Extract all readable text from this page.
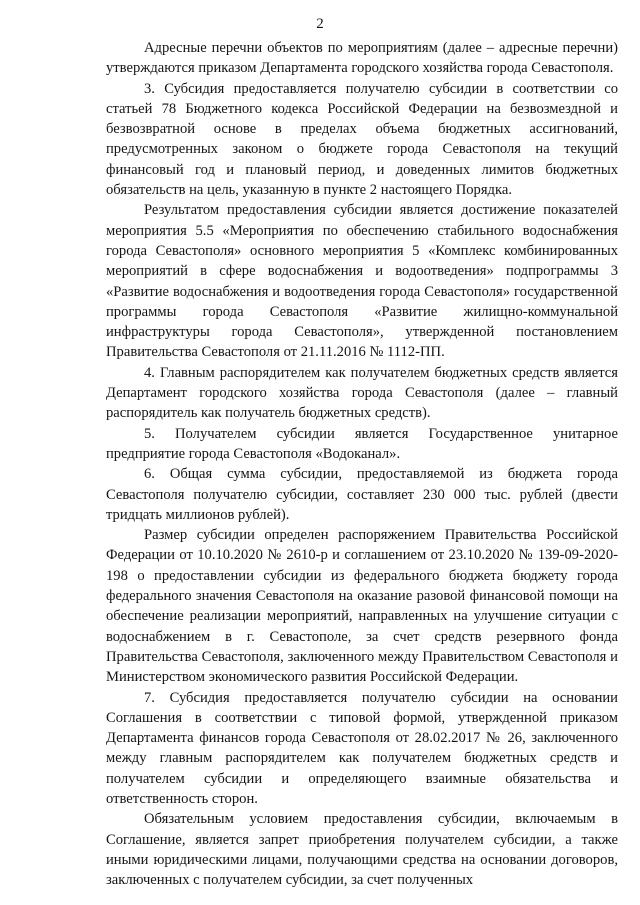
2

Адресные перечни объектов по мероприятиям (далее – адресные перечни) утверждаются приказом Департамента городского хозяйства города Севастополя.

3. Субсидия предоставляется получателю субсидии в соответствии со статьей 78 Бюджетного кодекса Российской Федерации на безвозмездной и безвозвратной основе в пределах объема бюджетных ассигнований, предусмотренных законом о бюджете города Севастополя на текущий финансовый год и плановый период, и доведенных лимитов бюджетных обязательств на цель, указанную в пункте 2 настоящего Порядка.

Результатом предоставления субсидии является достижение показателей мероприятия 5.5 «Мероприятия по обеспечению стабильного водоснабжения города Севастополя» основного мероприятия 5 «Комплекс комбинированных мероприятий в сфере водоснабжения и водоотведения» подпрограммы 3 «Развитие водоснабжения и водоотведения города Севастополя» государственной программы города Севастополя «Развитие жилищно-коммунальной инфраструктуры города Севастополя», утвержденной постановлением Правительства Севастополя от 21.11.2016 № 1112-ПП.

4. Главным распорядителем как получателем бюджетных средств является Департамент городского хозяйства города Севастополя (далее – главный распорядитель как получатель бюджетных средств).

5. Получателем субсидии является Государственное унитарное предприятие города Севастополя «Водоканал».

6. Общая сумма субсидии, предоставляемой из бюджета города Севастополя получателю субсидии, составляет 230 000 тыс. рублей (двести тридцать миллионов рублей).

Размер субсидии определен распоряжением Правительства Российской Федерации от 10.10.2020 № 2610-р и соглашением от 23.10.2020 № 139-09-2020-198 о предоставлении субсидии из федерального бюджета бюджету города федерального значения Севастополя на оказание разовой финансовой помощи на обеспечение реализации мероприятий, направленных на улучшение ситуации с водоснабжением в г. Севастополе, за счет средств резервного фонда Правительства Севастополя, заключенного между Правительством Севастополя и Министерством экономического развития Российской Федерации.

7. Субсидия предоставляется получателю субсидии на основании Соглашения в соответствии с типовой формой, утвержденной приказом Департамента финансов города Севастополя от 28.02.2017 № 26, заключенного между главным распорядителем как получателем бюджетных средств и получателем субсидии и определяющего взаимные обязательства и ответственность сторон.

Обязательным условием предоставления субсидии, включаемым в Соглашение, является запрет приобретения получателем субсидии, а также иными юридическими лицами, получающими средства на основании договоров, заключенных с получателем субсидии, за счет полученных
